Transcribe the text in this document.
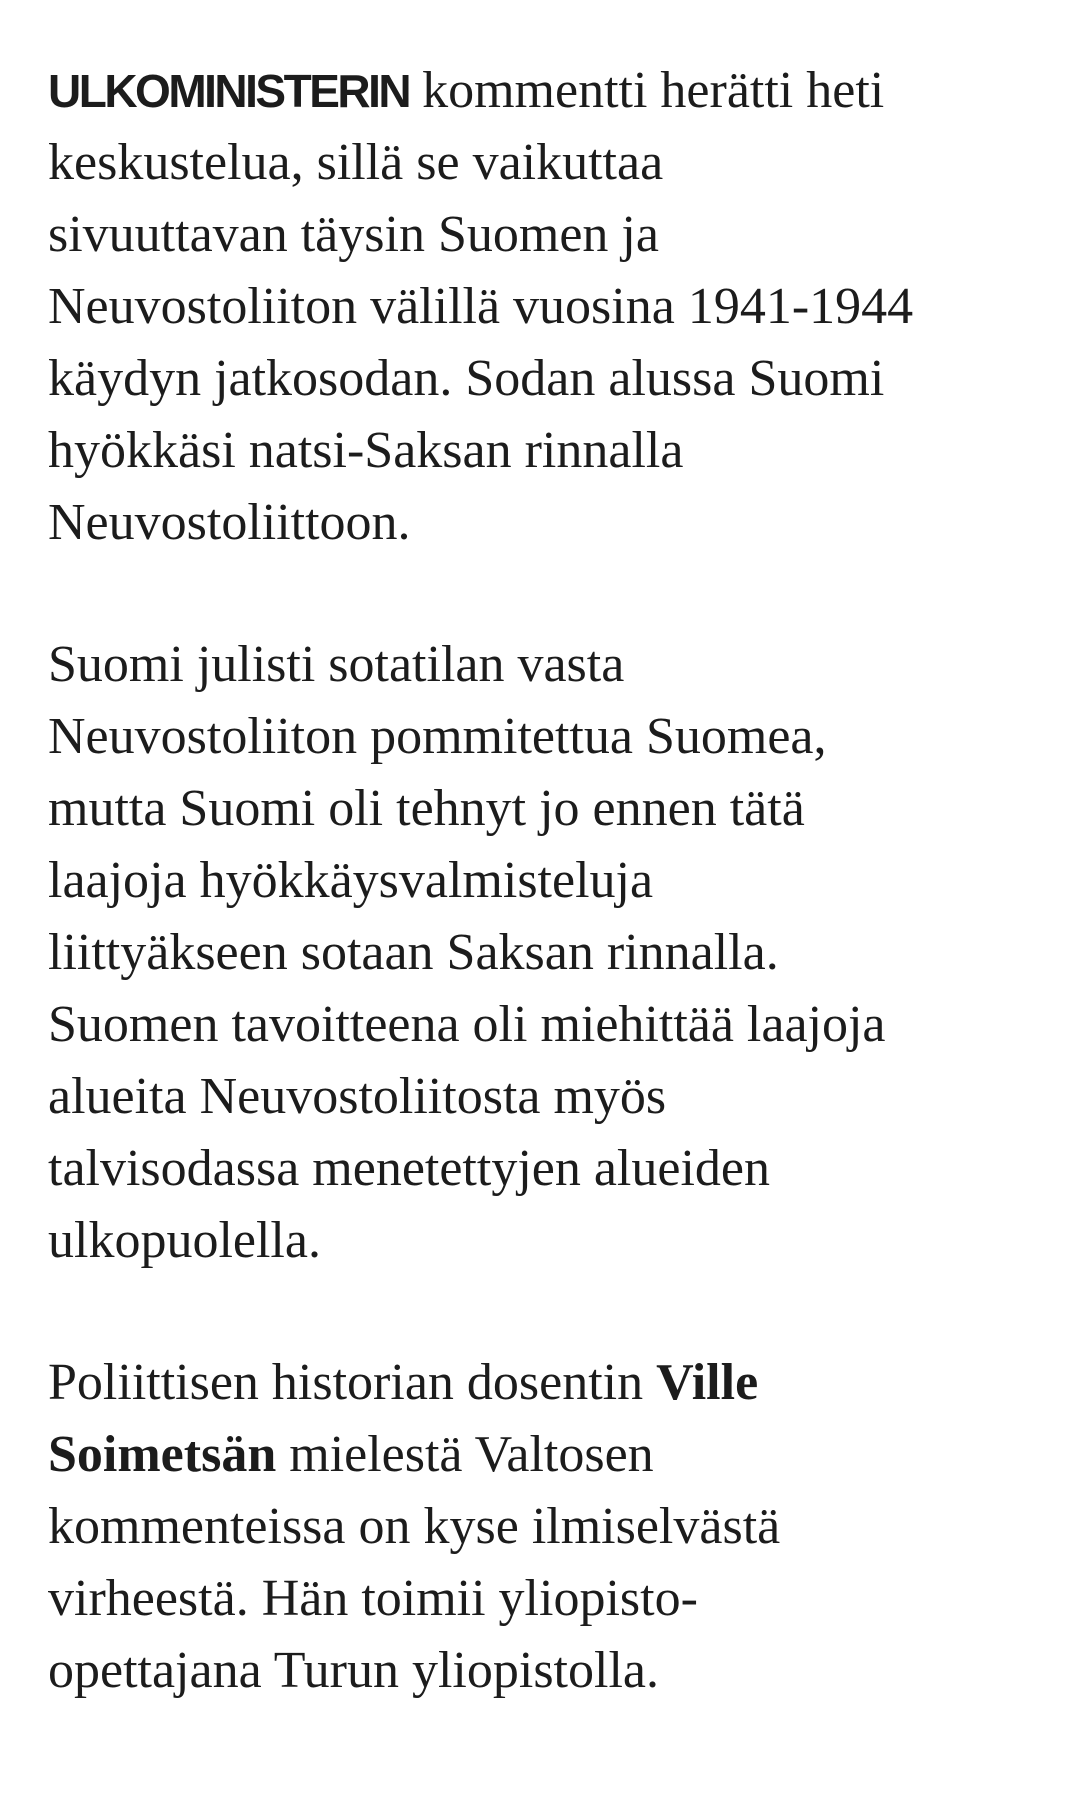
ULKOMINISTERIN kommentti herätti heti
keskustelua, sillä se vaikuttaa
sivuuttavan täysin Suomen ja
Neuvostoliiton välillä vuosina 1941-1944
käydyn jatkosodan. Sodan alussa Suomi
hyökkäsi natsi-Saksan rinnalla
Neuvostoliittoon.

Suomi julisti sotatilan vasta
Neuvostoliiton pommitettua Suomea,
mutta Suomi oli tehnyt jo ennen tätä
laajoja hyökkäysvalmisteluja
liittyäkseen sotaan Saksan rinnalla.
Suomen tavoitteena oli miehittää laajoja
alueita Neuvostoliitosta myös
talvisodassa menetettyjen alueiden
ulkopuolella.

Poliittisen historian dosentin Ville
Soimetsän mielestä Valtosen
kommenteissa on kyse ilmiselvästä
virheestä. Hän toimii yliopisto-
opettajana Turun yliopistolla.
